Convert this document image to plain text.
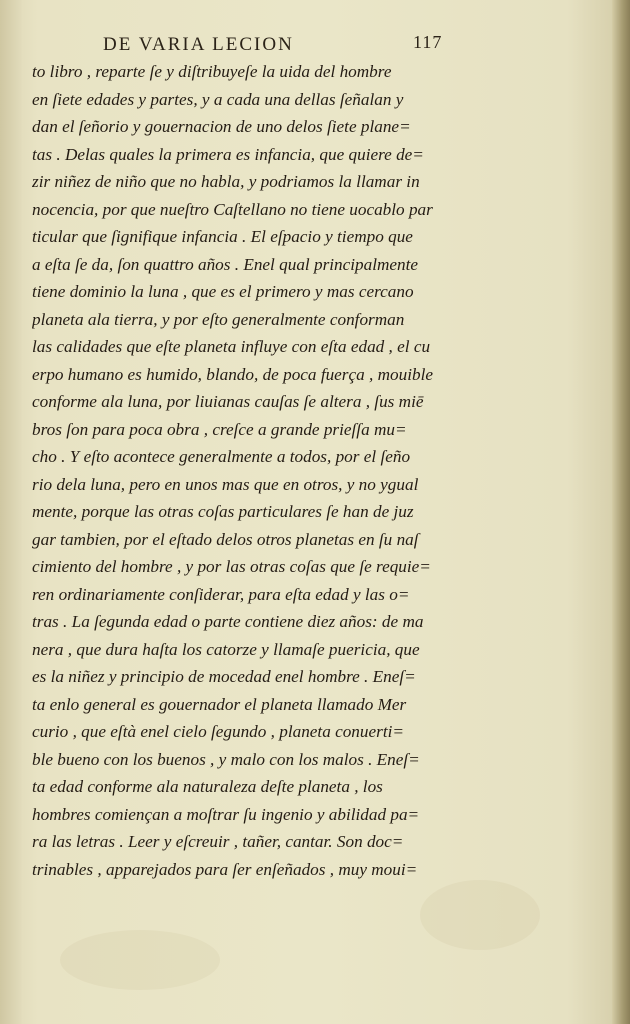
DE VARIA LECION	117
to libro , reparte ſe y diſtribuyeſe la uida del hombre
en ſiete edades y partes, y a cada una dellas ſeñalan y
dan el ſeñorio y gouernacion de uno delos ſiete plane=
tas . Delas quales la primera es infancia, que quiere de=
zir niñez de niño que no habla, y podriamos la llamar in
nocencia, por que nueſtro Caſtellano no tiene uocablo par
ticular que ſignifique infancia . El eſpacio y tiempo que
a eſta ſe da, ſon quattro años . Enel qual principalmente
tiene dominio la luna , que es el primero y mas cercano
planeta ala tierra, y por eſto generalmente conforman
las calidades que eſte planeta influye con eſta edad , el cu
erpo humano es humido, blando, de poca fuerça , mouible
conforme ala luna, por liuianas cauſas ſe altera , ſus miē
bros ſon para poca obra , creſce a grande prieſſa mu=
cho . Y eſto acontece generalmente a todos, por el ſeño
rio dela luna, pero en unos mas que en otros, y no ygual
mente, porque las otras coſas particulares ſe han de juz
gar tambien, por el eſtado delos otros planetas en ſu naſ
cimiento del hombre , y por las otras coſas que ſe requie=
ren ordinariamente conſiderar, para eſta edad y las o=
tras . La ſegunda edad o parte contiene diez años: de ma
nera , que dura haſta los catorze y llamaſe puericia, que
es la niñez y principio de mocedad enel hombre . Eneſ=
ta enlo general es gouernador el planeta llamado Mer
curio , que eſtà enel cielo ſegundo , planeta conuerti=
ble bueno con los buenos , y malo con los malos . Eneſ=
ta edad conforme ala naturaleza deſte planeta , los
hombres comiençan a moſtrar ſu ingenio y abilidad pa=
ra las letras . Leer y eſcreuir , tañer, cantar. Son doc=
trinables , apparejados para ſer enſeñados , muy moui=
